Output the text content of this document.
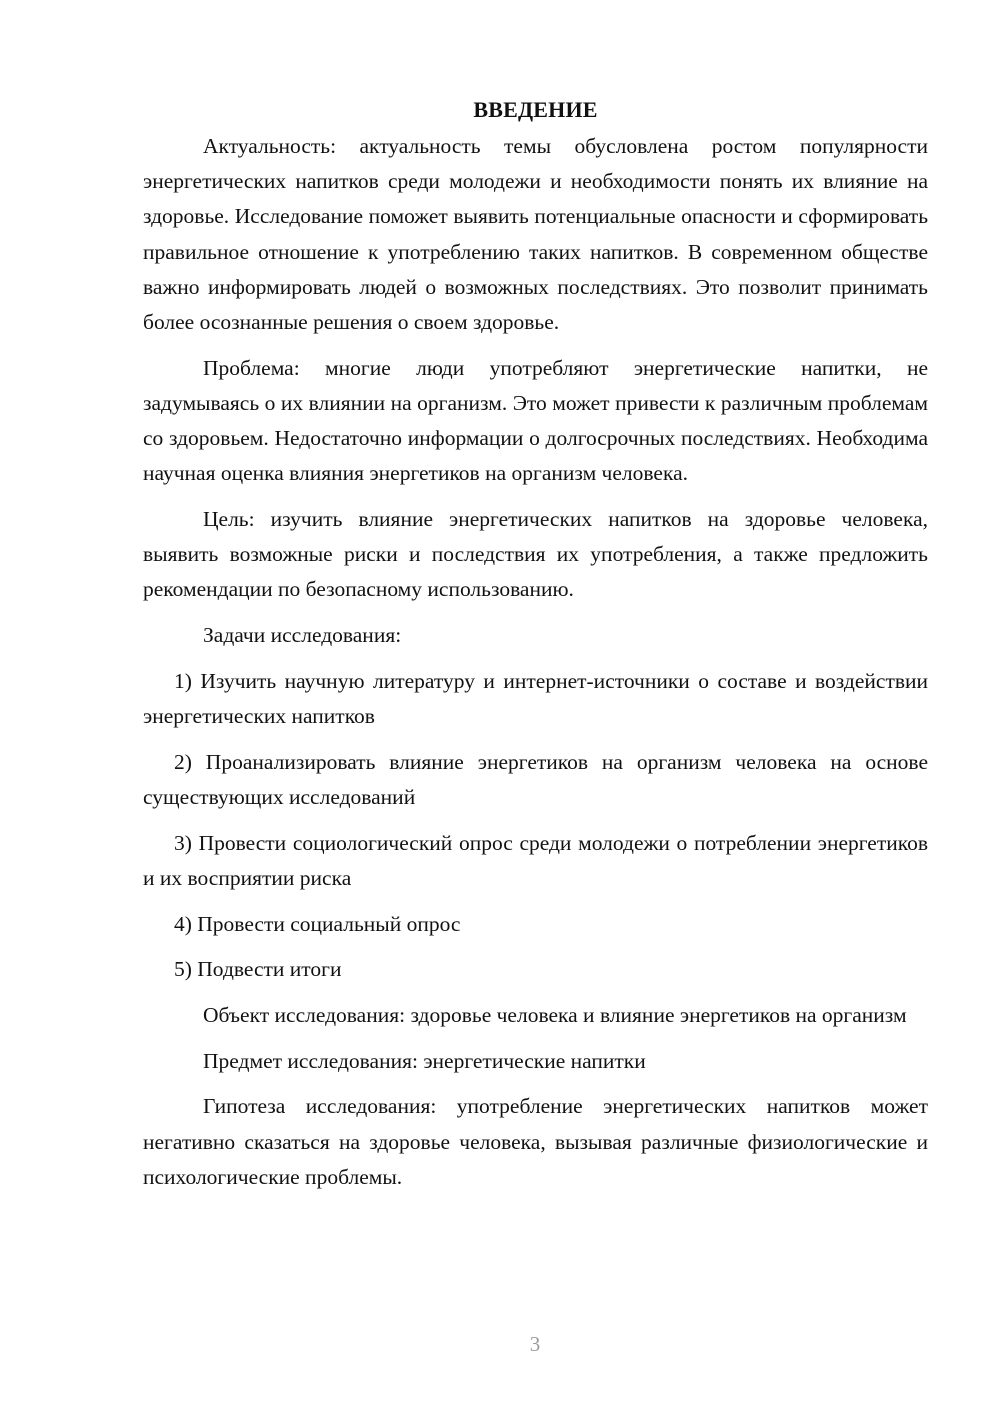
ВВЕДЕНИЕ

Актуальность: актуальность темы обусловлена ростом популярности энергетических напитков среди молодежи и необходимости понять их влияние на здоровье. Исследование поможет выявить потенциальные опасности и сформировать правильное отношение к употреблению таких напитков. В современном обществе важно информировать людей о возможных последствиях. Это позволит принимать более осознанные решения о своем здоровье.

Проблема: многие люди употребляют энергетические напитки, не задумываясь о их влиянии на организм. Это может привести к различным проблемам со здоровьем. Недостаточно информации о долгосрочных последствиях. Необходима научная оценка влияния энергетиков на организм человека.

Цель: изучить влияние энергетических напитков на здоровье человека, выявить возможные риски и последствия их употребления, а также предложить рекомендации по безопасному использованию.

Задачи исследования:

1) Изучить научную литературу и интернет-источники о составе и воздействии энергетических напитков

2) Проанализировать влияние энергетиков на организм человека на основе существующих исследований

3) Провести социологический опрос среди молодежи о потреблении энергетиков и их восприятии риска

4) Провести социальный опрос

5) Подвести итоги

Объект исследования: здоровье человека и влияние энергетиков на организм

Предмет исследования: энергетические напитки

Гипотеза исследования: употребление энергетических напитков может негативно сказаться на здоровье человека, вызывая различные физиологические и психологические проблемы.

3
